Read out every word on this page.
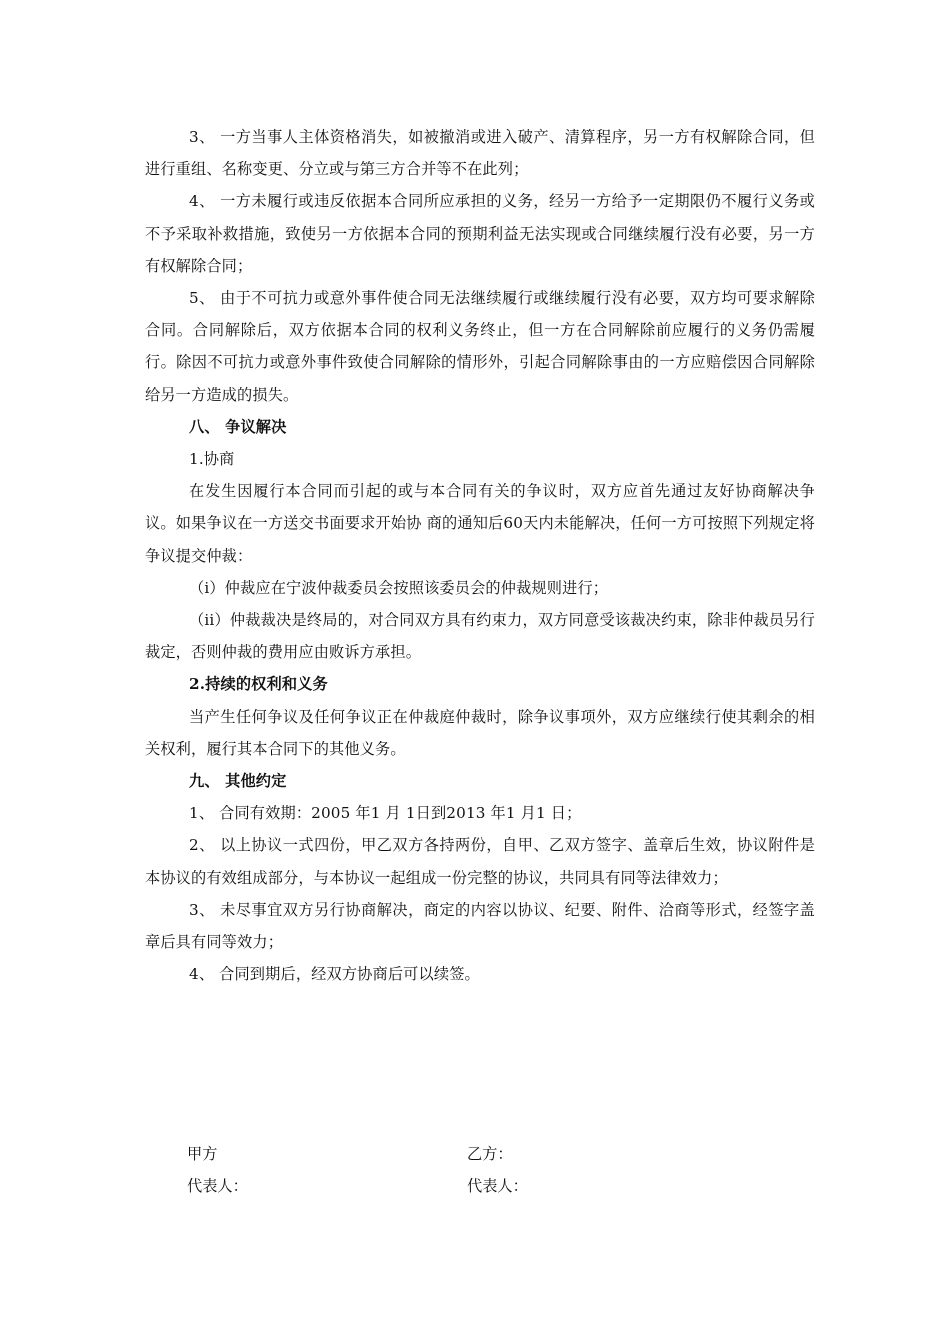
3、 一方当事人主体资格消失，如被撤消或进入破产、清算程序，另一方有权解除合同，但进行重组、名称变更、分立或与第三方合并等不在此列；

4、 一方未履行或违反依据本合同所应承担的义务，经另一方给予一定期限仍不履行义务或不予采取补救措施，致使另一方依据本合同的预期利益无法实现或合同继续履行没有必要，另一方有权解除合同；

5、 由于不可抗力或意外事件使合同无法继续履行或继续履行没有必要，双方均可要求解除合同。合同解除后，双方依据本合同的权利义务终止，但一方在合同解除前应履行的义务仍需履行。除因不可抗力或意外事件致使合同解除的情形外，引起合同解除事由的一方应赔偿因合同解除给另一方造成的损失。

八、 争议解决

1.协商

在发生因履行本合同而引起的或与本合同有关的争议时，双方应首先通过友好协商解决争议。如果争议在一方送交书面要求开始协 商的通知后60天内未能解决，任何一方可按照下列规定将争议提交仲裁：

（i）仲裁应在宁波仲裁委员会按照该委员会的仲裁规则进行；

（ii）仲裁裁决是终局的，对合同双方具有约束力，双方同意受该裁决约束，除非仲裁员另行裁定，否则仲裁的费用应由败诉方承担。

2.持续的权利和义务

当产生任何争议及任何争议正在仲裁庭仲裁时，除争议事项外，双方应继续行使其剩余的相关权利，履行其本合同下的其他义务。

九、 其他约定

1、 合同有效期：2005 年1 月 1日到2013 年1 月1 日；

2、 以上协议一式四份，甲乙双方各持两份，自甲、乙双方签字、盖章后生效，协议附件是本协议的有效组成部分，与本协议一起组成一份完整的协议，共同具有同等法律效力；

3、 未尽事宜双方另行协商解决，商定的内容以协议、纪要、附件、洽商等形式，经签字盖章后具有同等效力；

4、 合同到期后，经双方协商后可以续签。

甲方	乙方：
代表人：	代表人：
